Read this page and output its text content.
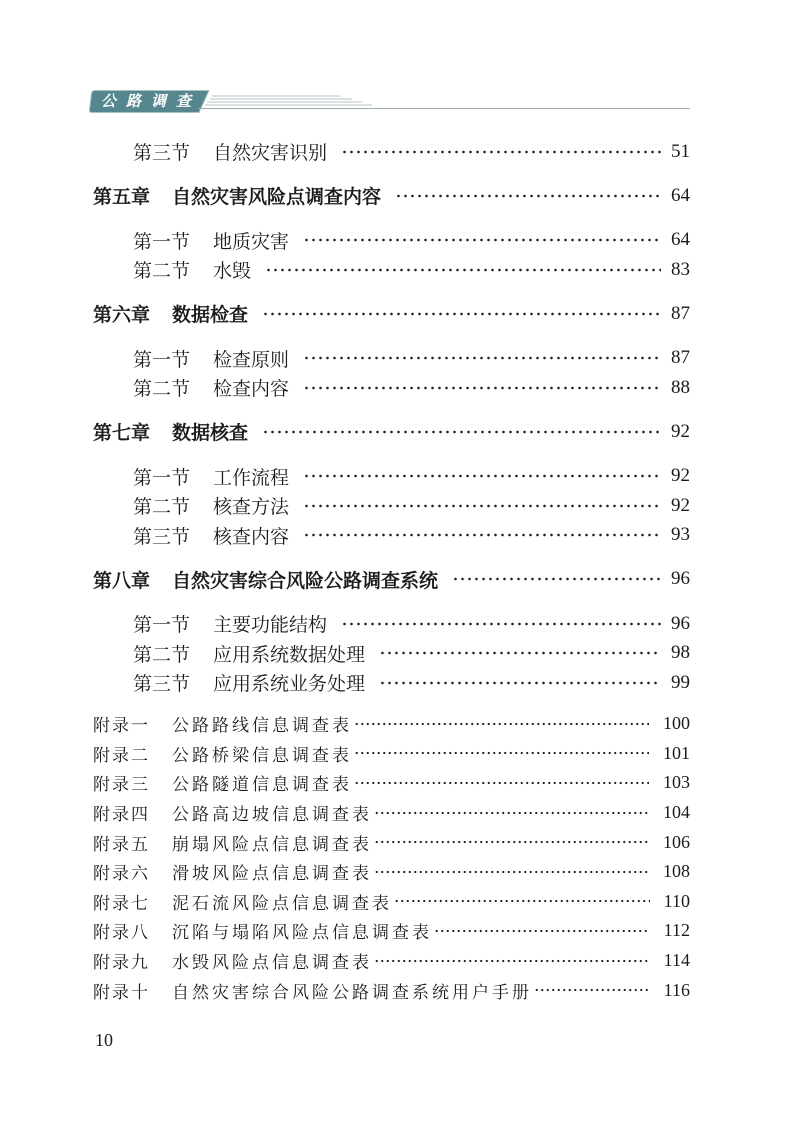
公路调查
第三节	自然灾害识别	51
第五章	自然灾害风险点调查内容	64
第一节	地质灾害	64
第二节	水毁	83
第六章	数据检查	87
第一节	检查原则	87
第二节	检查内容	88
第七章	数据核查	92
第一节	工作流程	92
第二节	核查方法	92
第三节	核查内容	93
第八章	自然灾害综合风险公路调查系统	96
第一节	主要功能结构	96
第二节	应用系统数据处理	98
第三节	应用系统业务处理	99
附录一	公路路线信息调查表	100
附录二	公路桥梁信息调查表	101
附录三	公路隧道信息调查表	103
附录四	公路高边坡信息调查表	104
附录五	崩塌风险点信息调查表	106
附录六	滑坡风险点信息调查表	108
附录七	泥石流风险点信息调查表	110
附录八	沉陷与塌陷风险点信息调查表	112
附录九	水毁风险点信息调查表	114
附录十	自然灾害综合风险公路调查系统用户手册	116
10
